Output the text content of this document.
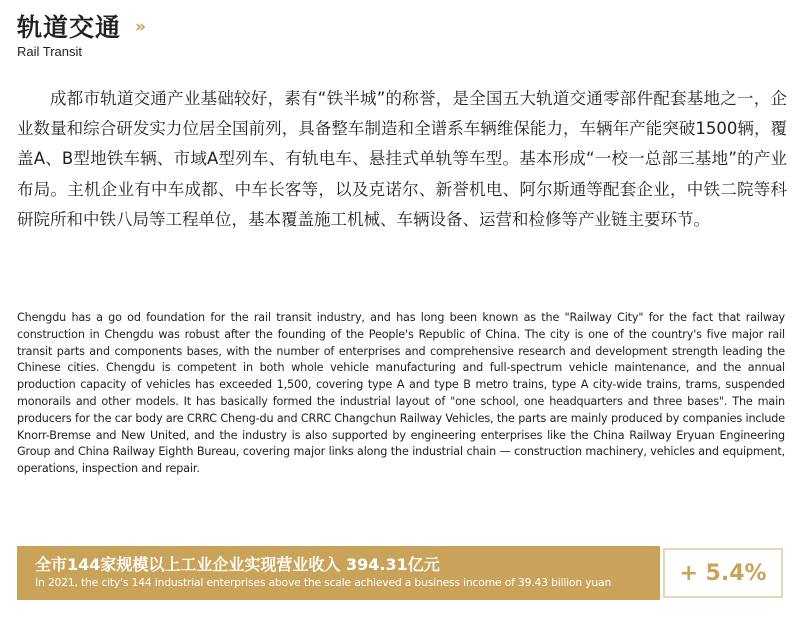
轨道交通 »
Rail Transit

成都市轨道交通产业基础较好，素有“铁半城”的称誉，是全国五大轨道交通零部件配套基地之一，企业数量和综合研发实力位居全国前列，具备整车制造和全谱系车辆维保能力，车辆年产能突破1500辆，覆盖A、B型地铁车辆、市域A型列车、有轨电车、悬挂式单轨等车型。基本形成“一校一总部三基地”的产业布局。主机企业有中车成都、中车长客等，以及克诺尔、新誉机电、阿尔斯通等配套企业，中铁二院等科研院所和中铁八局等工程单位，基本覆盖施工机械、车辆设备、运营和检修等产业链主要环节。

Chengdu has a go od foundation for the rail transit industry, and has long been known as the "Railway City" for the fact that railway construction in Chengdu was robust after the founding of the People's Republic of China. The city is one of the country's five major rail transit parts and components bases, with the number of enterprises and comprehensive research and development strength leading the Chinese cities. Chengdu is competent in both whole vehicle manufacturing and full-spectrum vehicle maintenance, and the annual production capacity of vehicles has exceeded 1,500, covering type A and type B metro trains, type A city-wide trains, trams, suspended monorails and other models. It has basically formed the industrial layout of "one school, one headquarters and three bases". The main producers for the car body are CRRC Cheng-du and CRRC Changchun Railway Vehicles, the parts are mainly produced by companies include Knorr-Bremse and New United, and the industry is also supported by engineering enterprises like the China Railway Eryuan Engineering Group and China Railway Eighth Bureau, covering major links along the industrial chain — construction machinery, vehicles and equipment, operations, inspection and repair.

全市144家规模以上工业企业实现营业收入 394.31亿元
In 2021, the city's 144 industrial enterprises above the scale achieved a business income of 39.43 billion yuan	+ 5.4%
